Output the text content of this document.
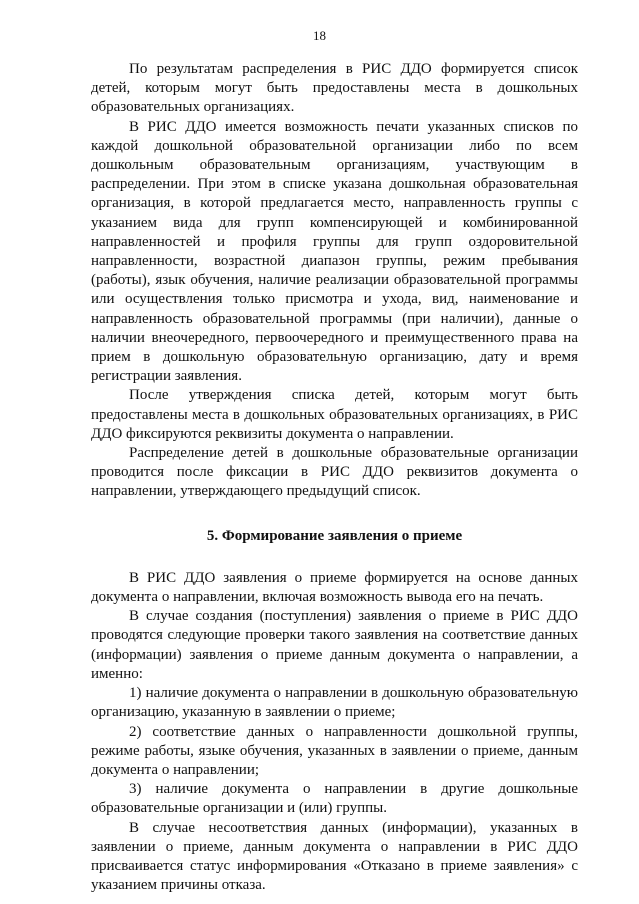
18

По результатам распределения в РИС ДДО формируется список детей, которым могут быть предоставлены места в дошкольных образовательных организациях.

В РИС ДДО имеется возможность печати указанных списков по каждой дошкольной образовательной организации либо по всем дошкольным образовательным организациям, участвующим в распределении. При этом в списке указана дошкольная образовательная организация, в которой предлагается место, направленность группы с указанием вида для групп компенсирующей и комбинированной направленностей и профиля группы для групп оздоровительной направленности, возрастной диапазон группы, режим пребывания (работы), язык обучения, наличие реализации образовательной программы или осуществления только присмотра и ухода, вид, наименование и направленность образовательной программы (при наличии), данные о наличии внеочередного, первоочередного и преимущественного права на прием в дошкольную образовательную организацию, дату и время регистрации заявления.

После утверждения списка детей, которым могут быть предоставлены места в дошкольных образовательных организациях, в РИС ДДО фиксируются реквизиты документа о направлении.

Распределение детей в дошкольные образовательные организации проводится после фиксации в РИС ДДО реквизитов документа о направлении, утверждающего предыдущий список.

5. Формирование заявления о приеме

В РИС ДДО заявления о приеме формируется на основе данных документа о направлении, включая возможность вывода его на печать.

В случае создания (поступления) заявления о приеме в РИС ДДО проводятся следующие проверки такого заявления на соответствие данных (информации) заявления о приеме данным документа о направлении, а именно:

1) наличие документа о направлении в дошкольную образовательную организацию, указанную в заявлении о приеме;

2) соответствие данных о направленности дошкольной группы, режиме работы, языке обучения, указанных в заявлении о приеме, данным документа о направлении;

3) наличие документа о направлении в другие дошкольные образовательные организации и (или) группы.

В случае несоответствия данных (информации), указанных в заявлении о приеме, данным документа о направлении в РИС ДДО присваивается статус информирования «Отказано в приеме заявления» с указанием причины отказа.
